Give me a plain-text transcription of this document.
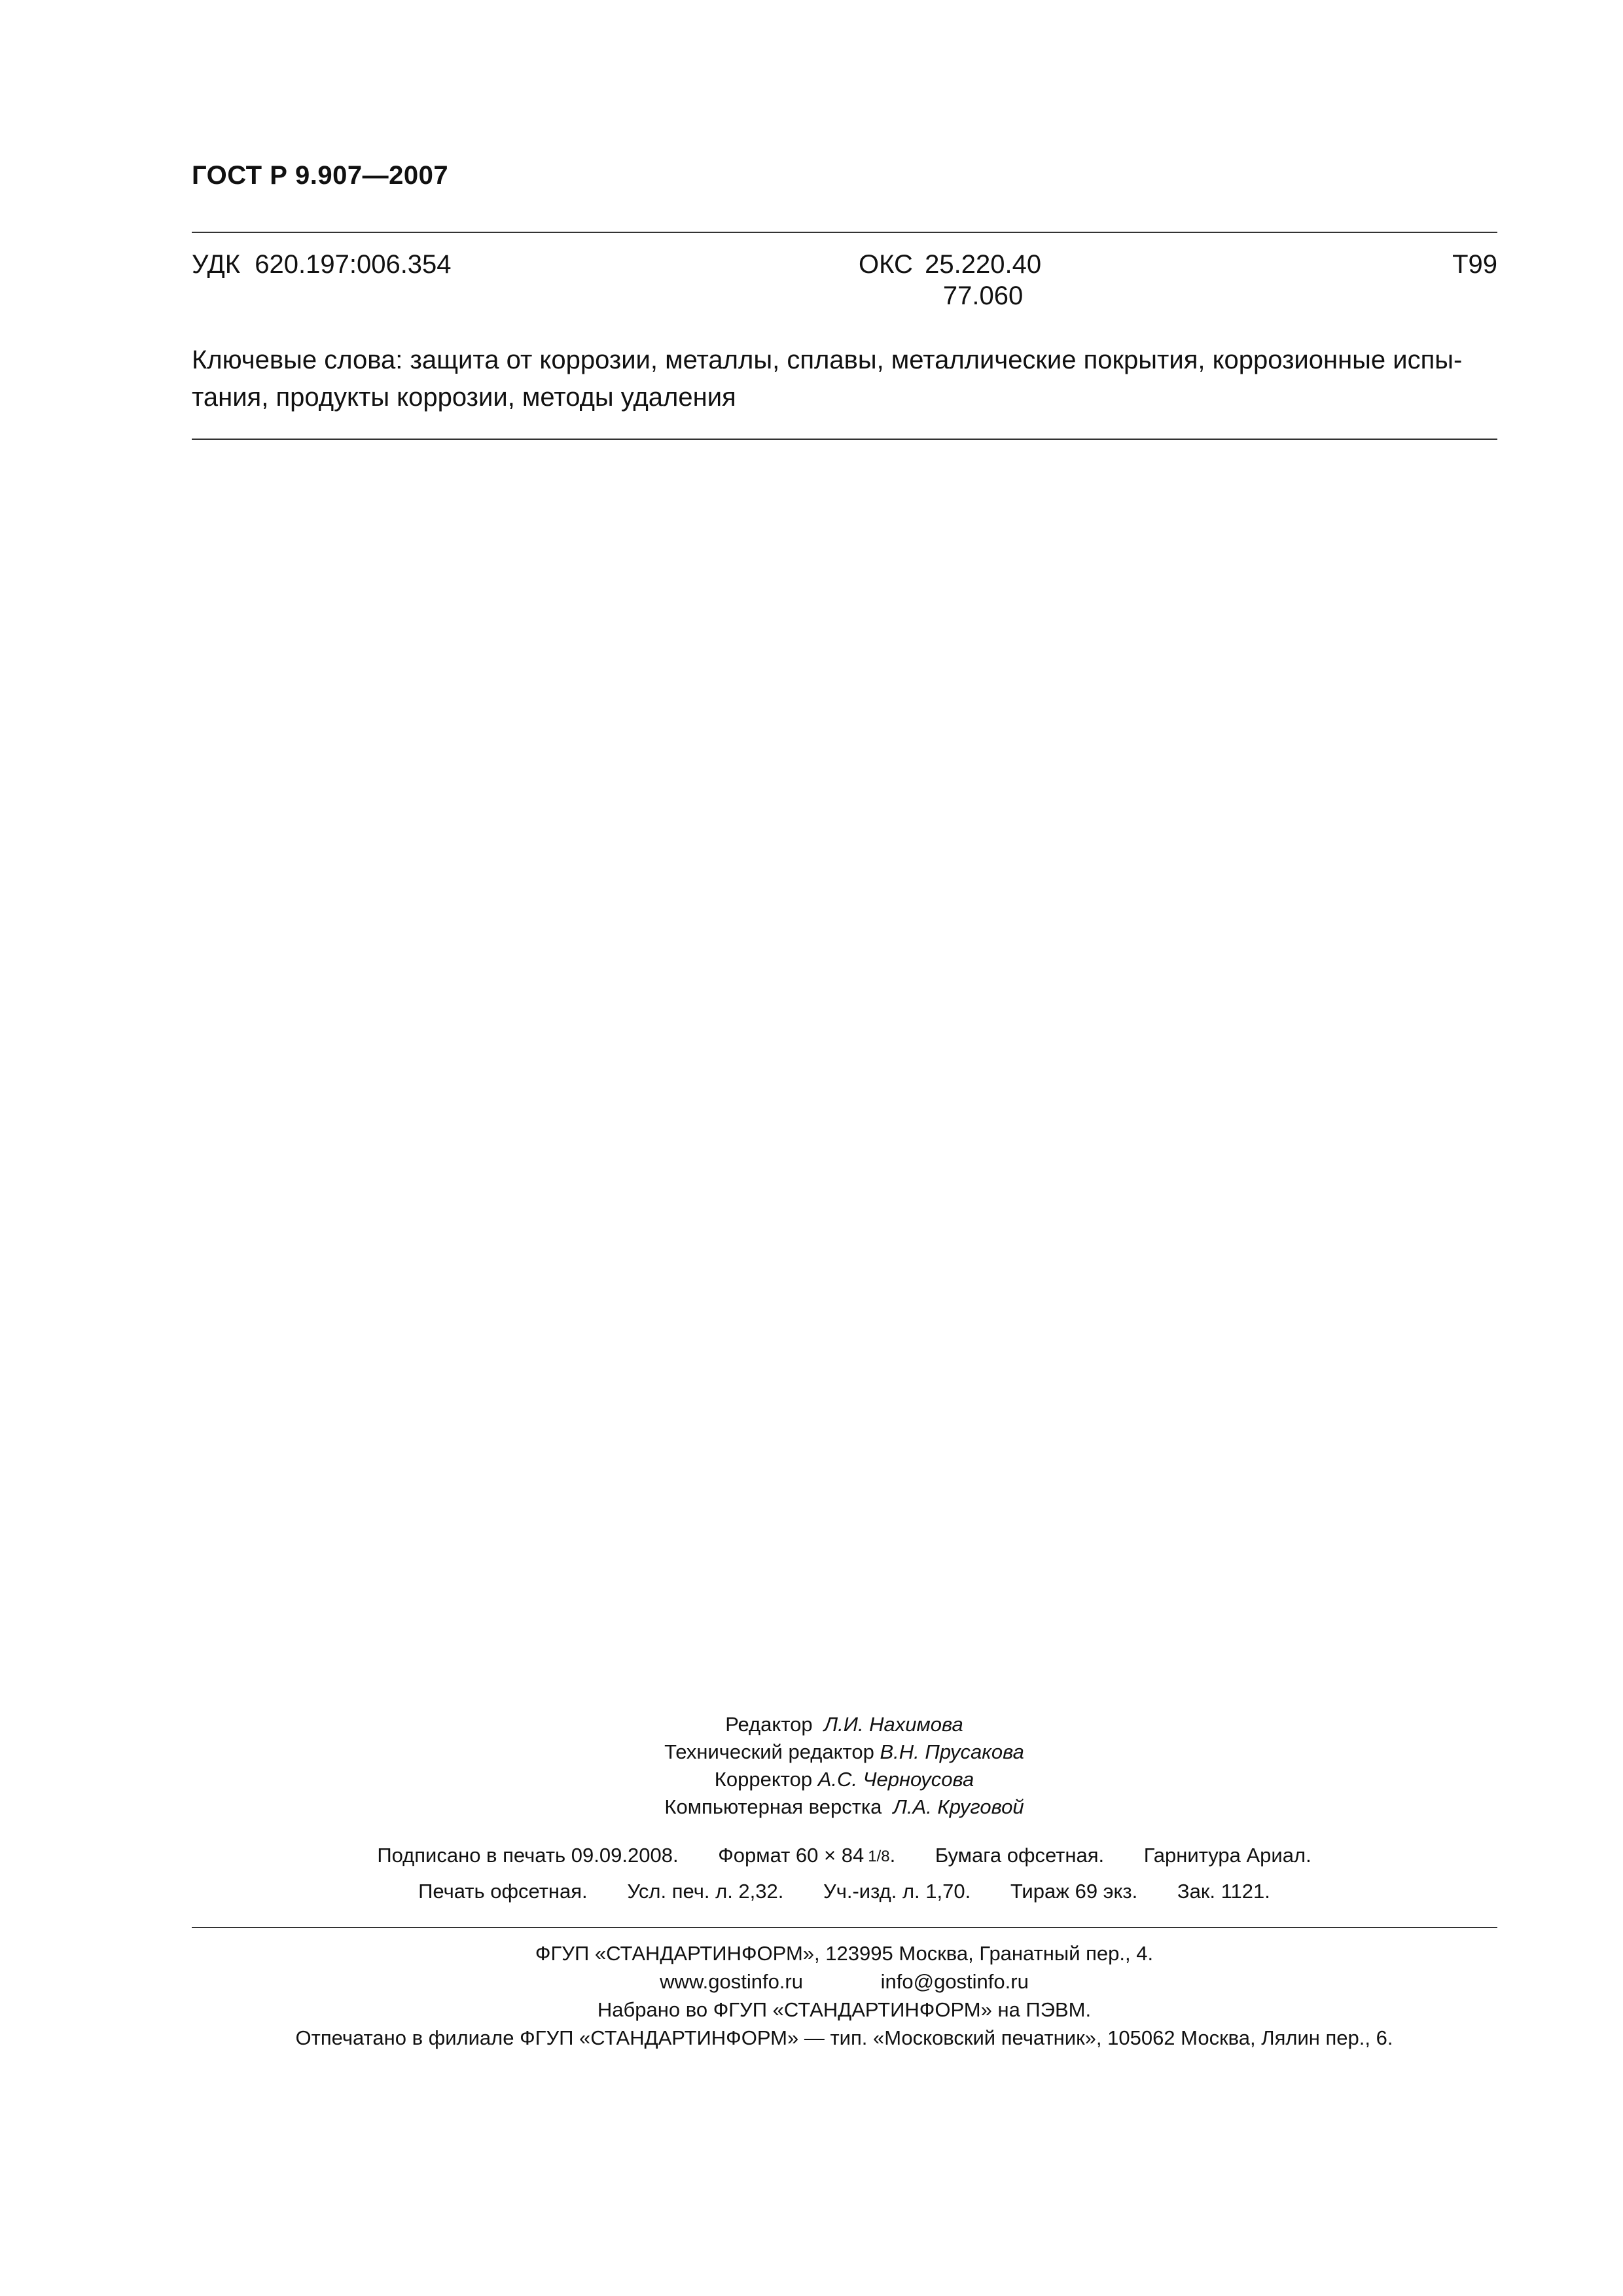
ГОСТ Р 9.907—2007
УДК 620.197:006.354	ОКС 25.220.40
77.060
Т99
Ключевые слова: защита от коррозии, металлы, сплавы, металлические покрытия, коррозионные испы-
тания, продукты коррозии, методы удаления
Редактор Л.И. Нахимова
Технический редактор В.Н. Прусакова
Корректор А.С. Черноусова
Компьютерная верстка Л.А. Круговой
Подписано в печать 09.09.2008. Формат 60 × 84 1/8. Бумага офсетная. Гарнитура Ариал.
Печать офсетная. Усл. печ. л. 2,32. Уч.-изд. л. 1,70. Тираж 69 экз. Зак. 1121.
ФГУП «СТАНДАРТИНФОРМ», 123995 Москва, Гранатный пер., 4.
www.gostinfo.ru	info@gostinfo.ru
Набрано во ФГУП «СТАНДАРТИНФОРМ» на ПЭВМ.
Отпечатано в филиале ФГУП «СТАНДАРТИНФОРМ» — тип. «Московский печатник», 105062 Москва, Лялин пер., 6.
